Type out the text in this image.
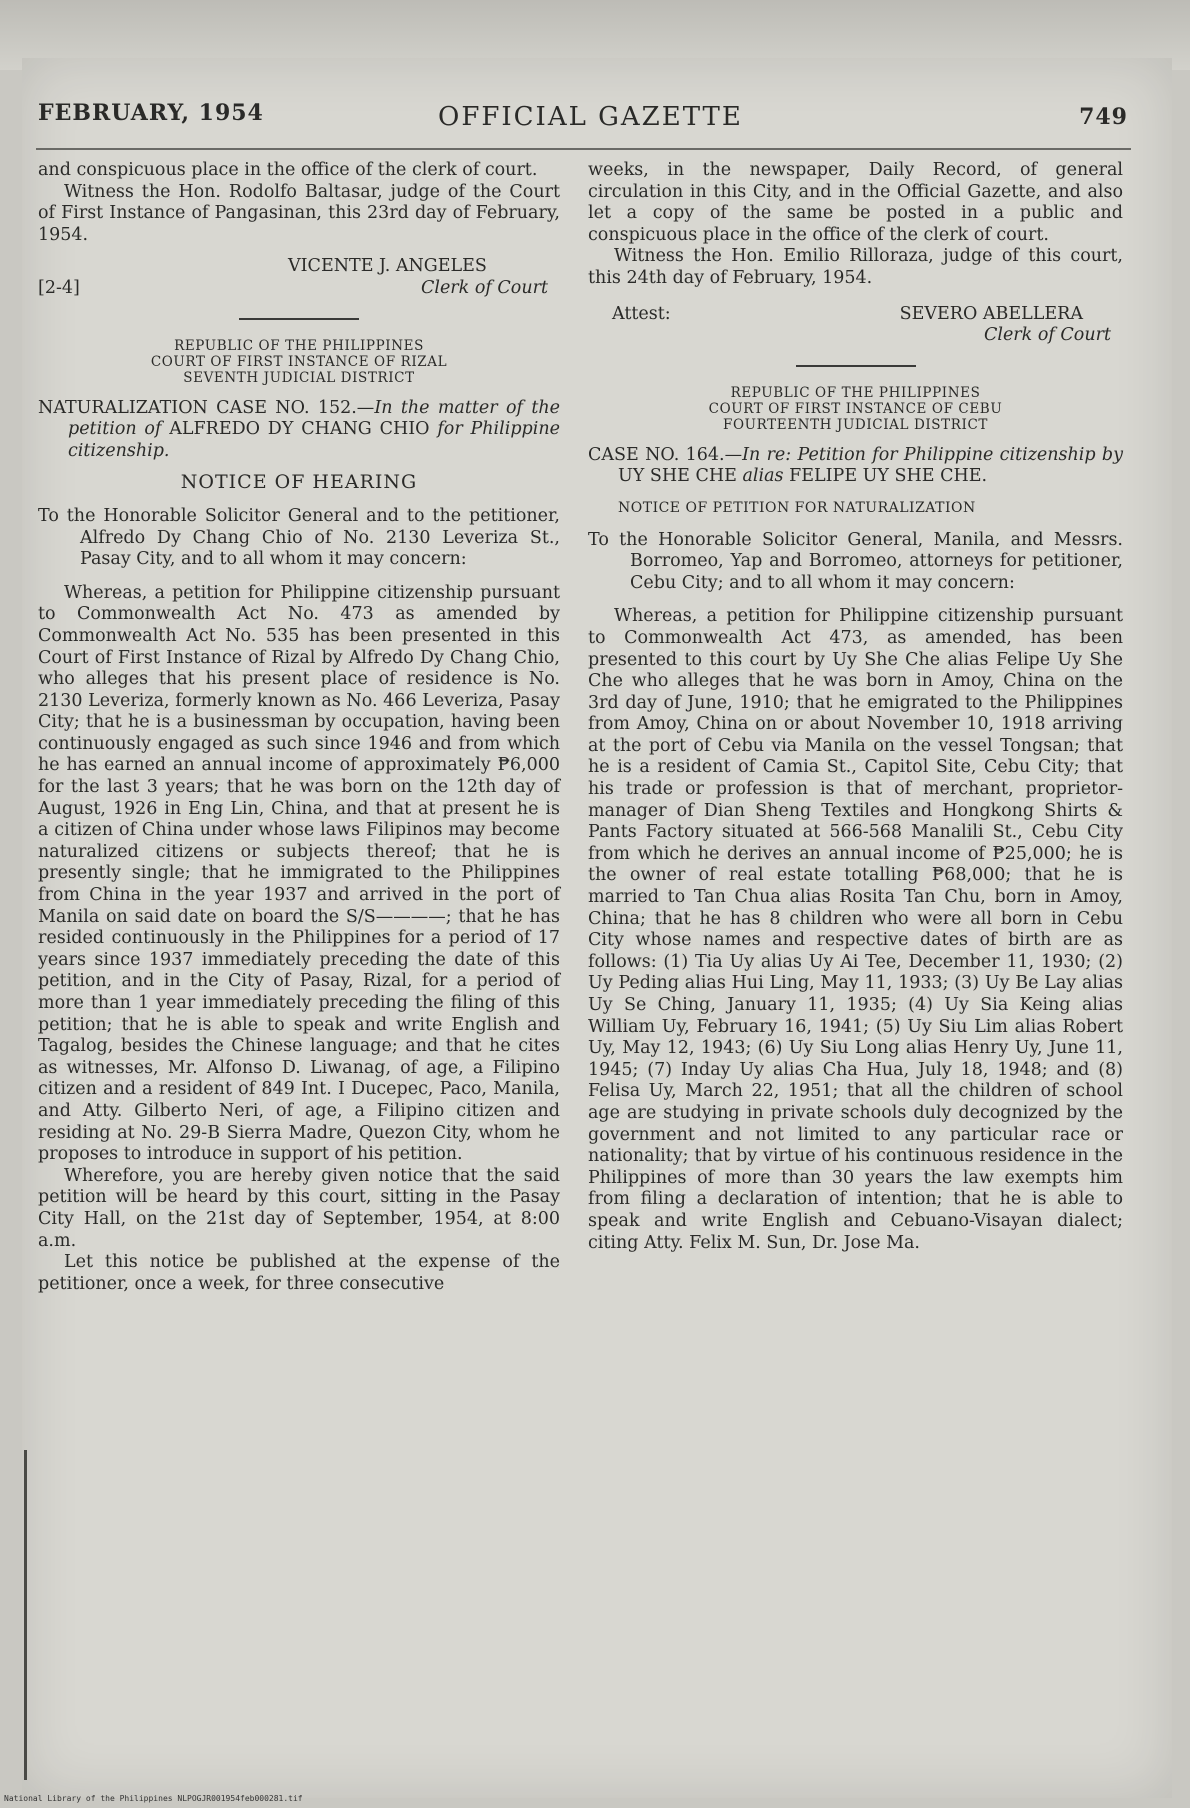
FEBRUARY, 1954	OFFICIAL GAZETTE	749

and conspicuous place in the office of the clerk of court.

Witness the Hon. Rodolfo Baltasar, judge of the Court of First Instance of Pangasinan, this 23rd day of February, 1954.

VICENTE J. ANGELES
[2-4]	Clerk of Court
REPUBLIC OF THE PHILIPPINES
COURT OF FIRST INSTANCE OF RIZAL
SEVENTH JUDICIAL DISTRICT

NATURALIZATION CASE NO. 152.—In the matter of the petition of ALFREDO DY CHANG CHIO for Philippine citizenship.

NOTICE OF HEARING

To the Honorable Solicitor General and to the petitioner, Alfredo Dy Chang Chio of No. 2130 Leveriza St., Pasay City, and to all whom it may concern:

Whereas, a petition for Philippine citizenship pursuant to Commonwealth Act No. 473 as amended by Commonwealth Act No. 535 has been presented in this Court of First Instance of Rizal by Alfredo Dy Chang Chio, who alleges that his present place of residence is No. 2130 Leveriza, formerly known as No. 466 Leveriza, Pasay City; that he is a businessman by occupation, having been continuously engaged as such since 1946 and from which he has earned an annual income of approximately ₱6,000 for the last 3 years; that he was born on the 12th day of August, 1926 in Eng Lin, China, and that at present he is a citizen of China under whose laws Filipinos may become naturalized citizens or subjects thereof; that he is presently single; that he immigrated to the Philippines from China in the year 1937 and arrived in the port of Manila on said date on board the S/S————; that he has resided continuously in the Philippines for a period of 17 years since 1937 immediately preceding the date of this petition, and in the City of Pasay, Rizal, for a period of more than 1 year immediately preceding the filing of this petition; that he is able to speak and write English and Tagalog, besides the Chinese language; and that he cites as witnesses, Mr. Alfonso D. Liwanag, of age, a Filipino citizen and a resident of 849 Int. I Ducepec, Paco, Manila, and Atty. Gilberto Neri, of age, a Filipino citizen and residing at No. 29-B Sierra Madre, Quezon City, whom he proposes to introduce in support of his petition.

Wherefore, you are hereby given notice that the said petition will be heard by this court, sitting in the Pasay City Hall, on the 21st day of September, 1954, at 8:00 a.m.

Let this notice be published at the expense of the petitioner, once a week, for three consecutive

weeks, in the newspaper, Daily Record, of general circulation in this City, and in the Official Gazette, and also let a copy of the same be posted in a public and conspicuous place in the office of the clerk of court.

Witness the Hon. Emilio Rilloraza, judge of this court, this 24th day of February, 1954.

Attest:	SEVERO ABELLERA

Clerk of Court

REPUBLIC OF THE PHILIPPINES
COURT OF FIRST INSTANCE OF CEBU
FOURTEENTH JUDICIAL DISTRICT

CASE NO. 164.—In re: Petition for Philippine citizenship by UY SHE CHE alias FELIPE UY SHE CHE.

NOTICE OF PETITION FOR NATURALIZATION

To the Honorable Solicitor General, Manila, and Messrs. Borromeo, Yap and Borromeo, attorneys for petitioner, Cebu City; and to all whom it may concern:

Whereas, a petition for Philippine citizenship pursuant to Commonwealth Act 473, as amended, has been presented to this court by Uy She Che alias Felipe Uy She Che who alleges that he was born in Amoy, China on the 3rd day of June, 1910; that he emigrated to the Philippines from Amoy, China on or about November 10, 1918 arriving at the port of Cebu via Manila on the vessel Tongsan; that he is a resident of Camia St., Capitol Site, Cebu City; that his trade or profession is that of merchant, proprietor-manager of Dian Sheng Textiles and Hongkong Shirts & Pants Factory situated at 566-568 Manalili St., Cebu City from which he derives an annual income of ₱25,000; he is the owner of real estate totalling ₱68,000; that he is married to Tan Chua alias Rosita Tan Chu, born in Amoy, China; that he has 8 children who were all born in Cebu City whose names and respective dates of birth are as follows: (1) Tia Uy alias Uy Ai Tee, December 11, 1930; (2) Uy Peding alias Hui Ling, May 11, 1933; (3) Uy Be Lay alias Uy Se Ching, January 11, 1935; (4) Uy Sia Keing alias William Uy, February 16, 1941; (5) Uy Siu Lim alias Robert Uy, May 12, 1943; (6) Uy Siu Long alias Henry Uy, June 11, 1945; (7) Inday Uy alias Cha Hua, July 18, 1948; and (8) Felisa Uy, March 22, 1951; that all the children of school age are studying in private schools duly decognized by the government and not limited to any particular race or nationality; that by virtue of his continuous residence in the Philippines of more than 30 years the law exempts him from filing a declaration of intention; that he is able to speak and write English and Cebuano-Visayan dialect; citing Atty. Felix M. Sun, Dr. Jose Ma.

National Library of the Philippines NLPOGJR001954feb000281.tif
